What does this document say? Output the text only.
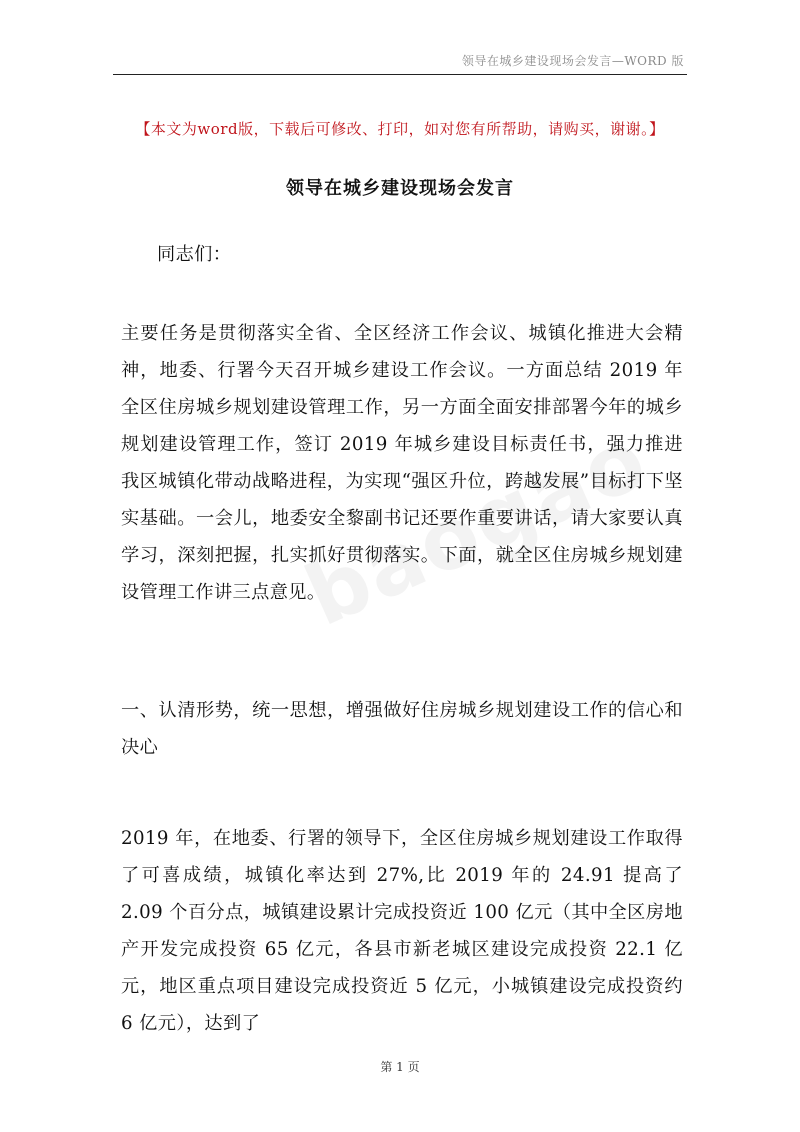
领导在城乡建设现场会发言—WORD 版
【本文为word版，下载后可修改、打印，如对您有所帮助，请购买，谢谢。】
领导在城乡建设现场会发言

同志们：

主要任务是贯彻落实全省、全区经济工作会议、城镇化推进大会精神，地委、行署今天召开城乡建设工作会议。一方面总结 2019 年全区住房城乡规划建设管理工作，另一方面全面安排部署今年的城乡规划建设管理工作，签订 2019 年城乡建设目标责任书，强力推进我区城镇化带动战略进程，为实现“强区升位，跨越发展”目标打下坚实基础。一会儿，地委安全黎副书记还要作重要讲话，请大家要认真学习，深刻把握，扎实抓好贯彻落实。下面，就全区住房城乡规划建设管理工作讲三点意见。

一、认清形势，统一思想，增强做好住房城乡规划建设工作的信心和决心

2019 年，在地委、行署的领导下，全区住房城乡规划建设工作取得了可喜成绩，城镇化率达到 27%,比 2019 年的 24.91 提高了 2.09 个百分点，城镇建设累计完成投资近 100 亿元（其中全区房地产开发完成投资 65 亿元，各县市新老城区建设完成投资 22.1 亿元，地区重点项目建设完成投资近 5 亿元，小城镇建设完成投资约 6 亿元），达到了

第 1 页
